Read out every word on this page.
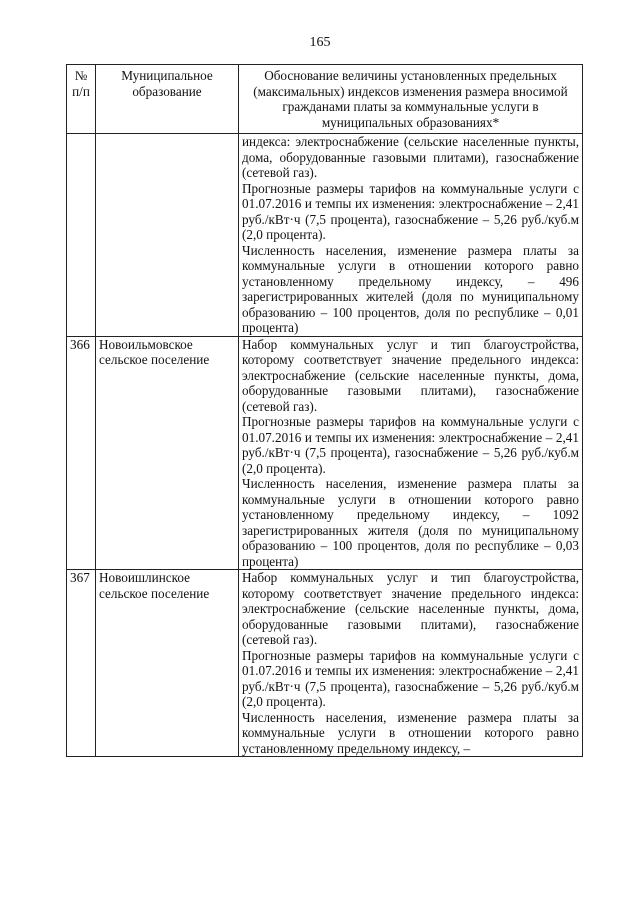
165
№ п/п	Муниципальное образование	Обоснование величины установленных предельных (максимальных) индексов изменения размера вносимой гражданами платы за коммунальные услуги в муниципальных образованиях*

		индекса: электроснабжение (сельские населенные пункты, дома, оборудованные газовыми плитами), газоснабжение (сетевой газ).

Прогнозные размеры тарифов на коммунальные услуги с 01.07.2016 и темпы их изменения: электроснабжение – 2,41 руб./кВт·ч (7,5 процента), газоснабжение – 5,26 руб./куб.м (2,0 процента).

Численность населения, изменение размера платы за коммунальные услуги в отношении которого равно установленному предельному индексу, – 496 зарегистрированных жителей (доля по муниципальному образованию – 100 процентов, доля по республике – 0,01 процента)

366	Новоильмовское сельское поселение	Набор коммунальных услуг и тип благоустройства, которому соответствует значение предельного индекса: электроснабжение (сельские населенные пункты, дома, оборудованные газовыми плитами), газоснабжение (сетевой газ).

Прогнозные размеры тарифов на коммунальные услуги с 01.07.2016 и темпы их изменения: электроснабжение – 2,41 руб./кВт·ч (7,5 процента), газоснабжение – 5,26 руб./куб.м (2,0 процента).

Численность населения, изменение размера платы за коммунальные услуги в отношении которого равно установленному предельному индексу, – 1092 зарегистрированных жителя (доля по муниципальному образованию – 100 процентов, доля по республике – 0,03 процента)

367	Новоишлинское сельское поселение	Набор коммунальных услуг и тип благоустройства, которому соответствует значение предельного индекса: электроснабжение (сельские населенные пункты, дома, оборудованные газовыми плитами), газоснабжение (сетевой газ).

Прогнозные размеры тарифов на коммунальные услуги с 01.07.2016 и темпы их изменения: электроснабжение – 2,41 руб./кВт·ч (7,5 процента), газоснабжение – 5,26 руб./куб.м (2,0 процента).

Численность населения, изменение размера платы за коммунальные услуги в отношении которого равно установленному предельному индексу, –
